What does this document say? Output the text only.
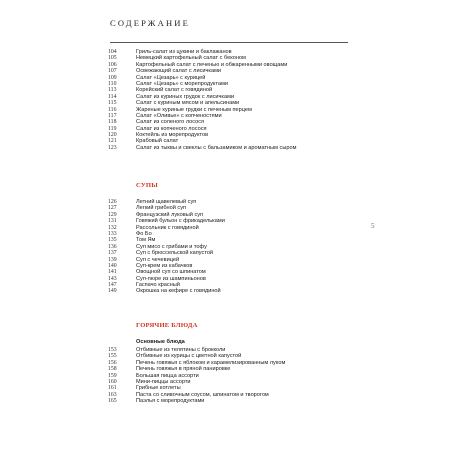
СОДЕРЖАНИЕ
5
104	Гриль-салат из цукини и баклажанов
105	Немецкий картофельный салат с беконом
106	Картофельный салат с печенью и обжаренными овощами
107	Освежающий салат с лисичками
109	Салат «Цезарь» с курицей
110	Салат «Цезарь» с морепродуктами
113	Корейский салат с говядиной
114	Салат из куриных грудок с лисичками
115	Салат с куриным мясом и апельсинами
116	Жареные куриные грудки с печеным перцем
117	Салат «Оливье» с копченостями
118	Салат из соленого лосося
119	Салат из копченого лосося
120	Коктейль из морепродуктов
121	Крабовый салат
123	Салат из тыквы и свеклы с бальзамиком и ароматным сыром
СУПЫ
126	Летний щавелевый суп
127	Легкий грибной суп
129	Французский луковый суп
131	Говяжий бульон с фрикадельками
132	Рассольник с говядиной
133	Фо Бо
135	Том Ям
136	Суп мисо с грибами и тофу
137	Суп с брюссельской капустой
139	Суп с чечевицей
140	Суп-крем из кабачков
141	Овощной суп со шпинатом
143	Суп-пюре из шампиньонов
147	Гаспачо красный
149	Окрошка на кефире с говядиной
ГОРЯЧИЕ БЛЮДА
Основные блюда
153	Отбивные из телятины с брокколи
155	Отбивные из курицы с цветной капустой
156	Печень говяжья с яблоком и карамелизированным луком
158	Печень говяжья в пряной панировке
159	Большая пицца ассорти
160	Мини-пиццы ассорти
161	Грибные котлеты
163	Паста со сливочным соусом, шпинатом и творогом
165	Паэлья с морепродуктами
